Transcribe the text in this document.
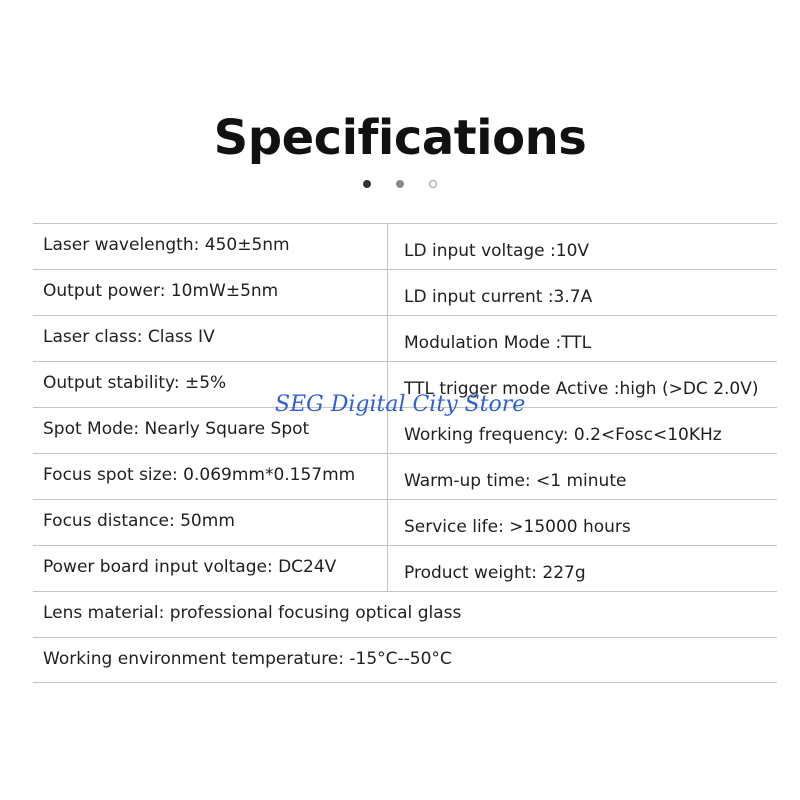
Specifications
Laser wavelength: 450±5nm	LD input voltage :10V
Output power: 10mW±5nm	LD input current :3.7A
Laser class: Class IV	Modulation Mode :TTL
Output stability: ±5%	TTL trigger mode Active :high (>DC 2.0V)
Spot Mode: Nearly Square Spot	Working frequency: 0.2<Fosc<10KHz
Focus spot size: 0.069mm*0.157mm	Warm-up time: <1 minute
Focus distance: 50mm	Service life: >15000 hours
Power board input voltage: DC24V	Product weight: 227g
Lens material: professional focusing optical glass
Working environment temperature: -15°C--50°C
SEG Digital City Store
